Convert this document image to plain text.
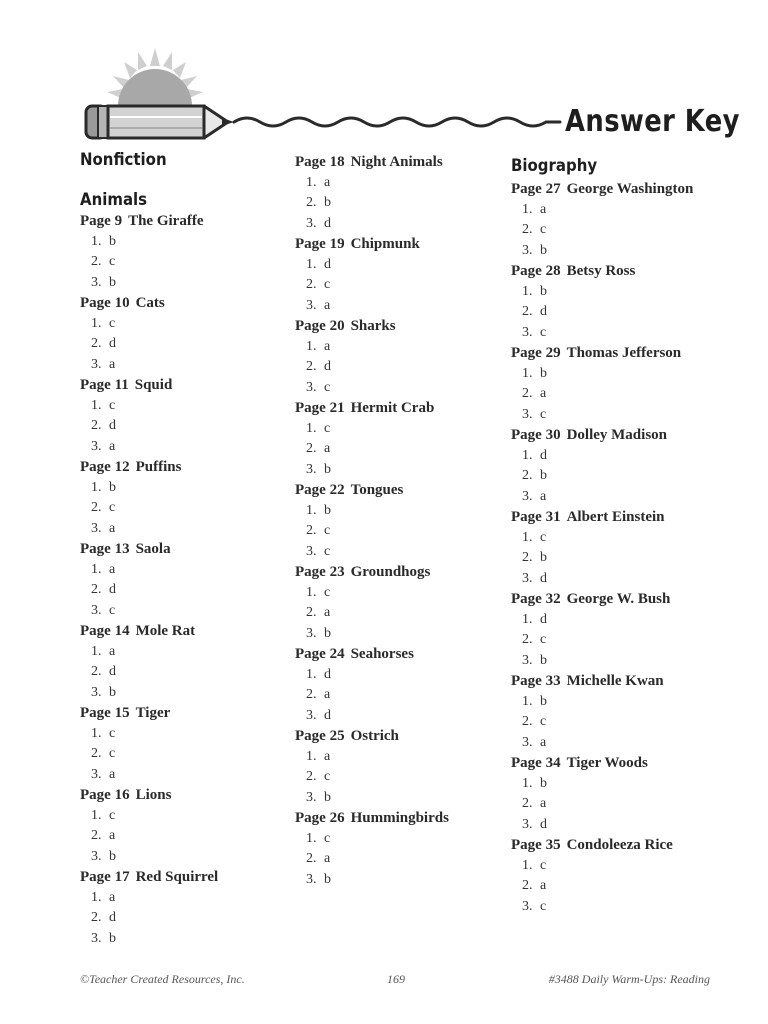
Answer Key
Nonfiction
Animals
Page 9 The Giraffe
1. b
2. c
3. b
Page 10 Cats
1. c
2. d
3. a
Page 11 Squid
1. c
2. d
3. a
Page 12 Puffins
1. b
2. c
3. a
Page 13 Saola
1. a
2. d
3. c
Page 14 Mole Rat
1. a
2. d
3. b
Page 15 Tiger
1. c
2. c
3. a
Page 16 Lions
1. c
2. a
3. b
Page 17 Red Squirrel
1. a
2. d
3. b
Page 18 Night Animals
1. a
2. b
3. d
Page 19 Chipmunk
1. d
2. c
3. a
Page 20 Sharks
1. a
2. d
3. c
Page 21 Hermit Crab
1. c
2. a
3. b
Page 22 Tongues
1. b
2. c
3. c
Page 23 Groundhogs
1. c
2. a
3. b
Page 24 Seahorses
1. d
2. a
3. d
Page 25 Ostrich
1. a
2. c
3. b
Page 26 Hummingbirds
1. c
2. a
3. b
Biography
Page 27 George Washington
1. a
2. c
3. b
Page 28 Betsy Ross
1. b
2. d
3. c
Page 29 Thomas Jefferson
1. b
2. a
3. c
Page 30 Dolley Madison
1. d
2. b
3. a
Page 31 Albert Einstein
1. c
2. b
3. d
Page 32 George W. Bush
1. d
2. c
3. b
Page 33 Michelle Kwan
1. b
2. c
3. a
Page 34 Tiger Woods
1. b
2. a
3. d
Page 35 Condoleeza Rice
1. c
2. a
3. c
©Teacher Created Resources, Inc.	169	#3488 Daily Warm-Ups: Reading
